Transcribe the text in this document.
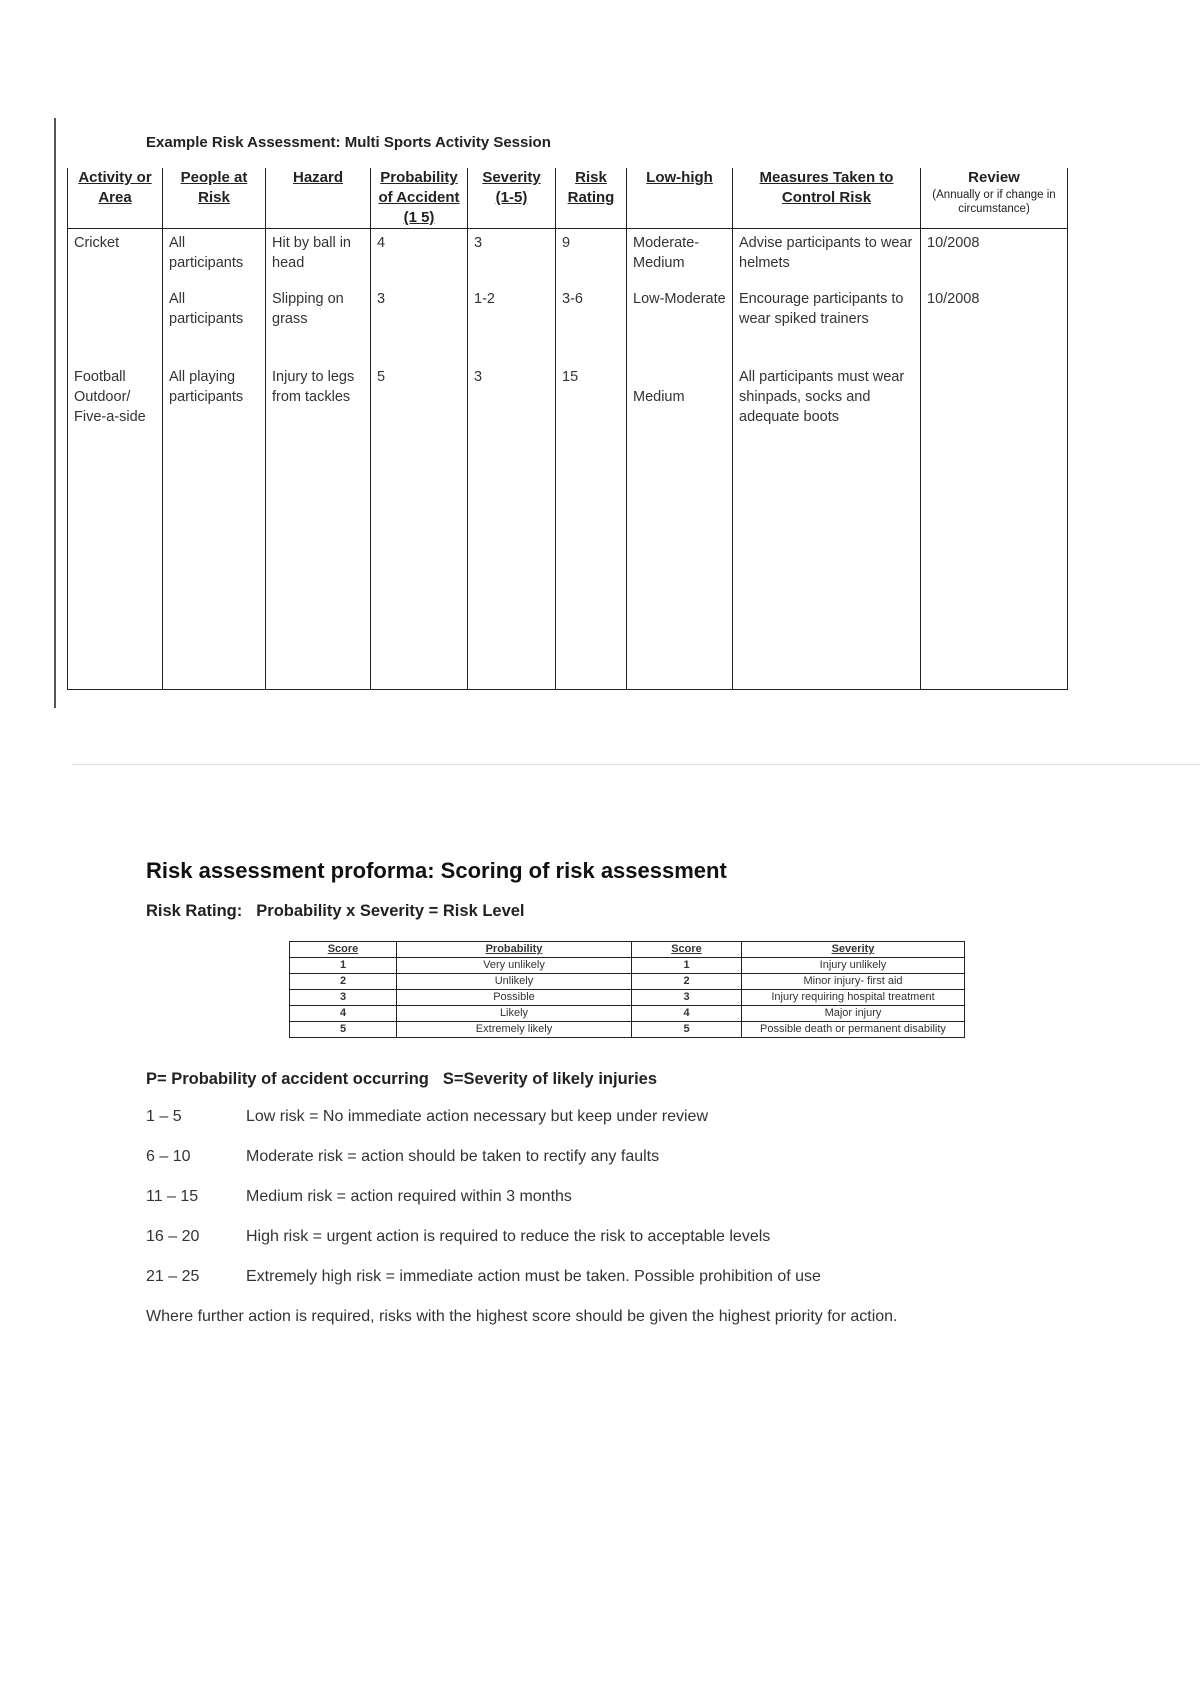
Example Risk Assessment: Multi Sports Activity Session
Activity or Area	People at Risk	Hazard	Probability of Accident (1 5)	Severity (1-5)	Risk Rating	Low-high	Measures Taken to Control Risk	Review
(Annually or if change in circumstance)

Cricket	All participants	Hit by ball in head	4	3	9	Moderate-Medium	Advise participants to wear helmets	10/2008
	All participants	Slipping on grass	3	1-2	3-6	Low-Moderate	Encourage participants to wear spiked trainers	10/2008
Football Outdoor/ Five-a-side	All playing participants	Injury to legs from tackles	5	3	15	Medium	All participants must wear shinpads, socks and adequate boots	
Risk assessment proforma: Scoring of risk assessment
Risk Rating: Probability x Severity = Risk Level
Score	Probability	Score	Severity
1	Very unlikely	1	Injury unlikely
2	Unlikely	2	Minor injury- first aid
3	Possible	3	Injury requiring hospital treatment
4	Likely	4	Major injury
5	Extremely likely	5	Possible death or permanent disability
P= Probability of accident occurring S=Severity of likely injuries
1 – 5	Low risk = No immediate action necessary but keep under review
6 – 10	Moderate risk = action should be taken to rectify any faults
11 – 15	Medium risk = action required within 3 months
16 – 20	High risk = urgent action is required to reduce the risk to acceptable levels
21 – 25	Extremely high risk = immediate action must be taken. Possible prohibition of use
Where further action is required, risks with the highest score should be given the highest priority for action.
